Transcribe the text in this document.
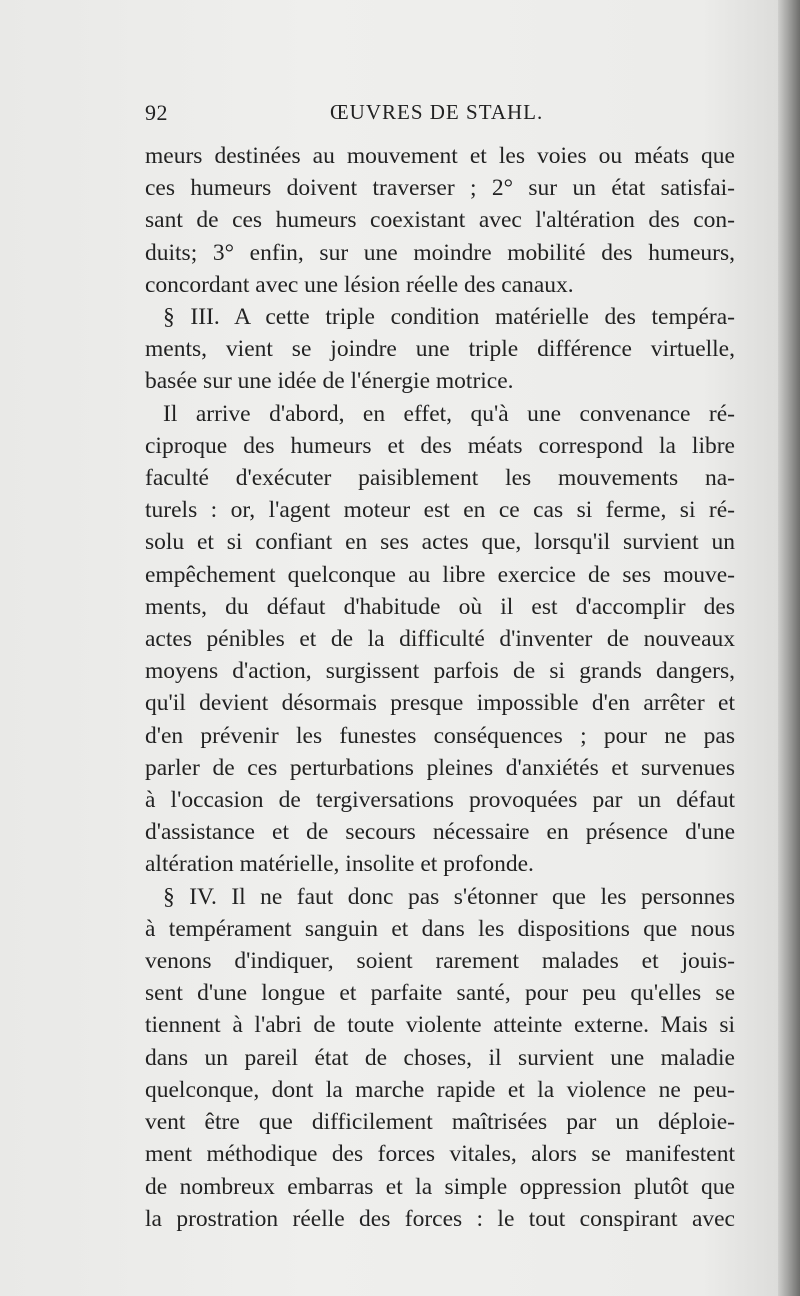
92	ŒUVRES DE STAHL.
meurs destinées au mouvement et les voies ou méats que
ces humeurs doivent traverser ; 2° sur un état satisfai-
sant de ces humeurs coexistant avec l'altération des con-
duits; 3° enfin, sur une moindre mobilité des humeurs,
concordant avec une lésion réelle des canaux.
§ III. A cette triple condition matérielle des tempéra-
ments, vient se joindre une triple différence virtuelle,
basée sur une idée de l'énergie motrice.
Il arrive d'abord, en effet, qu'à une convenance ré-
ciproque des humeurs et des méats correspond la libre
faculté d'exécuter paisiblement les mouvements na-
turels : or, l'agent moteur est en ce cas si ferme, si ré-
solu et si confiant en ses actes que, lorsqu'il survient un
empêchement quelconque au libre exercice de ses mouve-
ments, du défaut d'habitude où il est d'accomplir des
actes pénibles et de la difficulté d'inventer de nouveaux
moyens d'action, surgissent parfois de si grands dangers,
qu'il devient désormais presque impossible d'en arrêter et
d'en prévenir les funestes conséquences ; pour ne pas
parler de ces perturbations pleines d'anxiétés et survenues
à l'occasion de tergiversations provoquées par un défaut
d'assistance et de secours nécessaire en présence d'une
altération matérielle, insolite et profonde.
§ IV. Il ne faut donc pas s'étonner que les personnes
à tempérament sanguin et dans les dispositions que nous
venons d'indiquer, soient rarement malades et jouis-
sent d'une longue et parfaite santé, pour peu qu'elles se
tiennent à l'abri de toute violente atteinte externe. Mais si
dans un pareil état de choses, il survient une maladie
quelconque, dont la marche rapide et la violence ne peu-
vent être que difficilement maîtrisées par un déploie-
ment méthodique des forces vitales, alors se manifestent
de nombreux embarras et la simple oppression plutôt que
la prostration réelle des forces : le tout conspirant avec
